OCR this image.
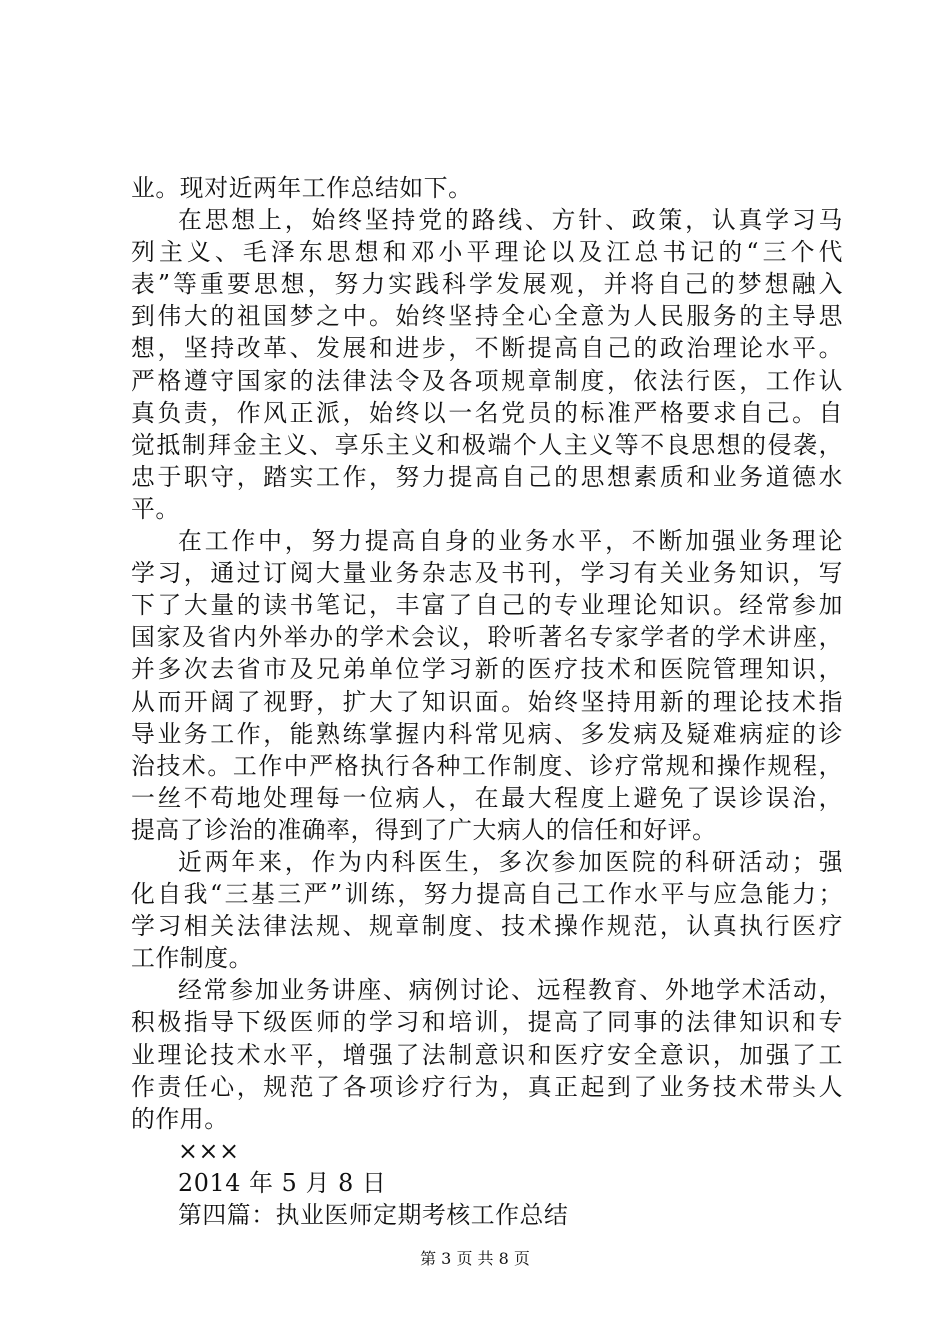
业。现对近两年工作总结如下。
在思想上，始终坚持党的路线、方针、政策，认真学习马
列主义、毛泽东思想和邓小平理论以及江总书记的“三个代
表”等重要思想，努力实践科学发展观，并将自己的梦想融入
到伟大的祖国梦之中。始终坚持全心全意为人民服务的主导思
想，坚持改革、发展和进步，不断提高自己的政治理论水平。
严格遵守国家的法律法令及各项规章制度，依法行医，工作认
真负责，作风正派，始终以一名党员的标准严格要求自己。自
觉抵制拜金主义、享乐主义和极端个人主义等不良思想的侵袭，
忠于职守，踏实工作，努力提高自己的思想素质和业务道德水
平。
在工作中，努力提高自身的业务水平，不断加强业务理论
学习，通过订阅大量业务杂志及书刊，学习有关业务知识，写
下了大量的读书笔记，丰富了自己的专业理论知识。经常参加
国家及省内外举办的学术会议，聆听著名专家学者的学术讲座，
并多次去省市及兄弟单位学习新的医疗技术和医院管理知识，
从而开阔了视野，扩大了知识面。始终坚持用新的理论技术指
导业务工作，能熟练掌握内科常见病、多发病及疑难病症的诊
治技术。工作中严格执行各种工作制度、诊疗常规和操作规程，
一丝不苟地处理每一位病人，在最大程度上避免了误诊误治，
提高了诊治的准确率，得到了广大病人的信任和好评。
近两年来，作为内科医生，多次参加医院的科研活动；强
化自我“三基三严”训练，努力提高自己工作水平与应急能力；
学习相关法律法规、规章制度、技术操作规范，认真执行医疗
工作制度。
经常参加业务讲座、病例讨论、远程教育、外地学术活动，
积极指导下级医师的学习和培训，提高了同事的法律知识和专
业理论技术水平，增强了法制意识和医疗安全意识，加强了工
作责任心，规范了各项诊疗行为，真正起到了业务技术带头人
的作用。
×××
2014 年 5 月 8 日
第四篇：执业医师定期考核工作总结
第 3 页 共 8 页
